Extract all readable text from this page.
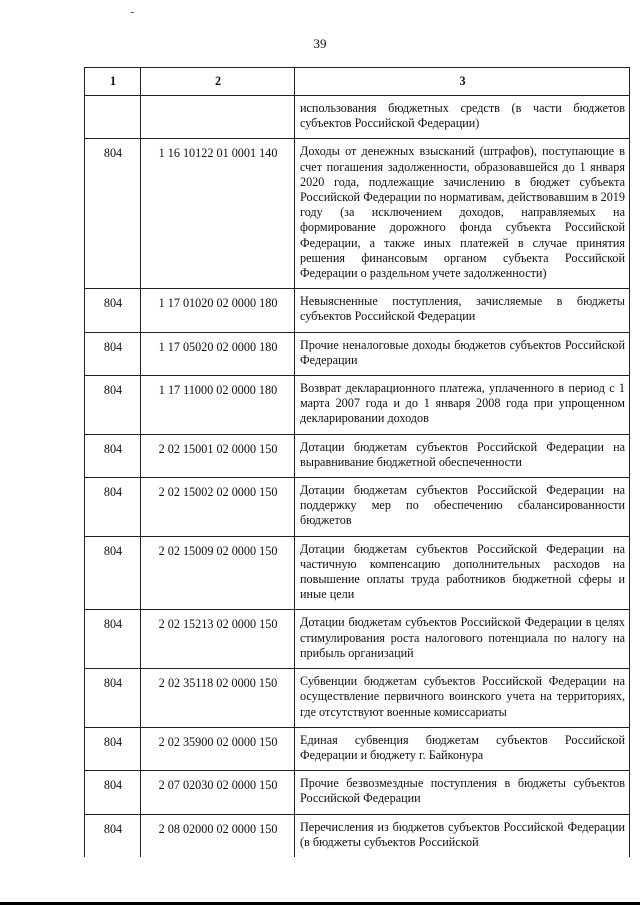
39
1	2	3
		использования бюджетных средств (в части бюджетов субъектов Российской Федерации)
804	1 16 10122 01 0001 140	Доходы от денежных взысканий (штрафов), поступающие в счет погашения задолженности, образовавшейся до 1 января 2020 года, подлежащие зачислению в бюджет субъекта Российской Федерации по нормативам, действовавшим в 2019 году (за исключением доходов, направляемых на формирование дорожного фонда субъекта Российской Федерации, а также иных платежей в случае принятия решения финансовым органом субъекта Российской Федерации о раздельном учете задолженности)
804	1 17 01020 02 0000 180	Невыясненные поступления, зачисляемые в бюджеты субъектов Российской Федерации
804	1 17 05020 02 0000 180	Прочие неналоговые доходы бюджетов субъектов Российской Федерации
804	1 17 11000 02 0000 180	Возврат декларационного платежа, уплаченного в период с 1 марта 2007 года и до 1 января 2008 года при упрощенном декларировании доходов
804	2 02 15001 02 0000 150	Дотации бюджетам субъектов Российской Федерации на выравнивание бюджетной обеспеченности
804	2 02 15002 02 0000 150	Дотации бюджетам субъектов Российской Федерации на поддержку мер по обеспечению сбалансированности бюджетов
804	2 02 15009 02 0000 150	Дотации бюджетам субъектов Российской Федерации на частичную компенсацию дополнительных расходов на повышение оплаты труда работников бюджетной сферы и иные цели
804	2 02 15213 02 0000 150	Дотации бюджетам субъектов Российской Федерации в целях стимулирования роста налогового потенциала по налогу на прибыль организаций
804	2 02 35118 02 0000 150	Субвенции бюджетам субъектов Российской Федерации на осуществление первичного воинского учета на территориях, где отсутствуют военные комиссариаты
804	2 02 35900 02 0000 150	Единая субвенция бюджетам субъектов Российской Федерации и бюджету г. Байконура
804	2 07 02030 02 0000 150	Прочие безвозмездные поступления в бюджеты субъектов Российской Федерации
804	2 08 02000 02 0000 150	Перечисления из бюджетов субъектов Российской Федерации (в бюджеты субъектов Российской
